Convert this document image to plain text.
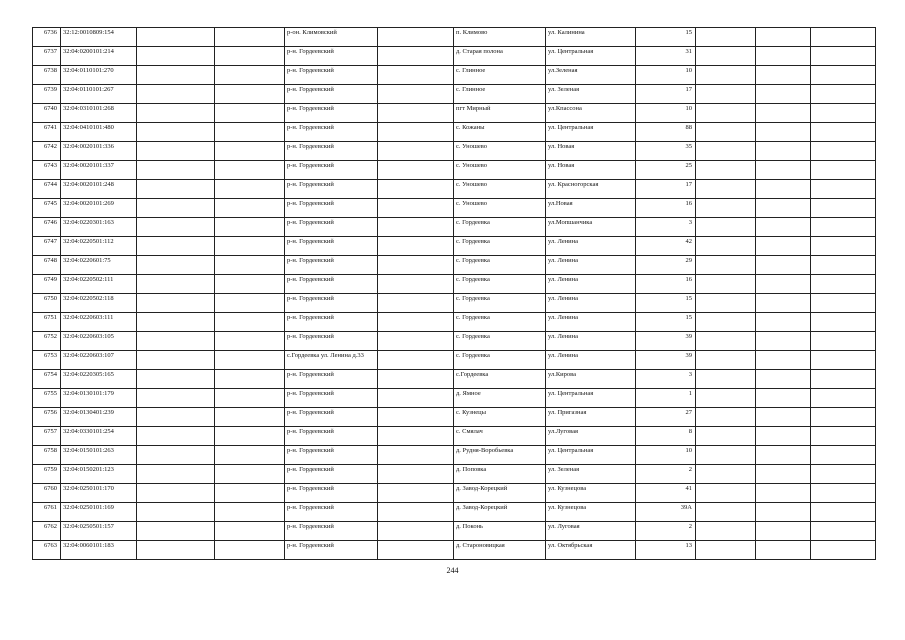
6736	32:12:0010809:154			р-он. Климовский		п. Климово	ул. Калинина	15			
6737	32:04:0200101:214			р-н. Гордеевский		д. Старая полона	ул. Центральная	31			
6738	32:04:0110101:270			р-н. Гордеевский		с. Глинное	ул.Зеленая	10			
6739	32:04:0110101:267			р-н. Гордеевский		с. Глинное	ул. Зеленая	17			
6740	32:04:0310101:268			р-н. Гордеевский		пгт Мирный	ул.Кпассона	10			
6741	32:04:0410101:480			р-н. Гордеевский		с. Кожаны	ул. Центральная	88			
6742	32:04:0020101:336			р-н. Гордеевский		с. Уношево	ул. Новая	35			
6743	32:04:0020101:337			р-н. Гордеевский		с. Уношево	ул. Новая	25			
6744	32:04:0020101:248			р-н. Гордеевский		с. Уношево	ул. Красногорская	17			
6745	32:04:0020101:269			р-н. Гордеевский		с. Уношево	ул.Новая	16			
6746	32:04:0220301:163			р-н. Гордеевский		с. Гордеевка	ул.Мопшанчика	3			
6747	32:04:0220501:112			р-н. Гордеевский		с. Гордеевка	ул. Ленина	42			
6748	32:04:0220601:75			р-н. Гордеевский		с. Гордеевка	ул. Ленина	29			
6749	32:04:0220502:111			р-н. Гордеевский		с. Гордеевка	ул. Ленина	16			
6750	32:04:0220502:118			р-н. Гордеевский		с. Гордеевка	ул. Ленина	15			
6751	32:04:0220603:111			р-н. Гордеевский		с. Гордеевка	ул. Ленина	15			
6752	32:04:0220603:105			р-н. Гордеевский		с. Гордеевка	ул. Ленина	39			
6753	32:04:0220603:107			с.Гордеевка ул. Ленина д.33		с. Гордеевка	ул. Ленина	39			
6754	32:04:0220305:165			р-н. Гордеевский		с.Гордеевка	ул.Кирова	3			
6755	32:04:0130101:179			р-н. Гордеевский		д. Ямное	ул. Центральная	1			
6756	32:04:0130401:239			р-н. Гордеевский		с. Кузнецы	ул. Пригазная	27			
6757	32:04:0330101:254			р-н. Гордеевский		с. Смялач	ул.Луговая	8			
6758	32:04:0150101:263			р-н. Гордеевский		д. Рудня-Воробьевка	ул. Центральная	10			
6759	32:04:0150201:123			р-н. Гордеевский		д. Поповка	ул. Зеленая	2			
6760	32:04:0250101:170			р-н. Гордеевский		д. Завод-Корецкий	ул. Кузнецова	41			
6761	32:04:0250101:169			р-н. Гордеевский		д. Завод-Корецкий	ул. Кузнецова	39А			
6762	32:04:0250501:157			р-н. Гордеевский		д. Поконь	ул. Луговая	2			
6763	32:04:0060101:183			р-н. Гордеевский		д. Староновицкая	ул. Октябрьская	13			
244
